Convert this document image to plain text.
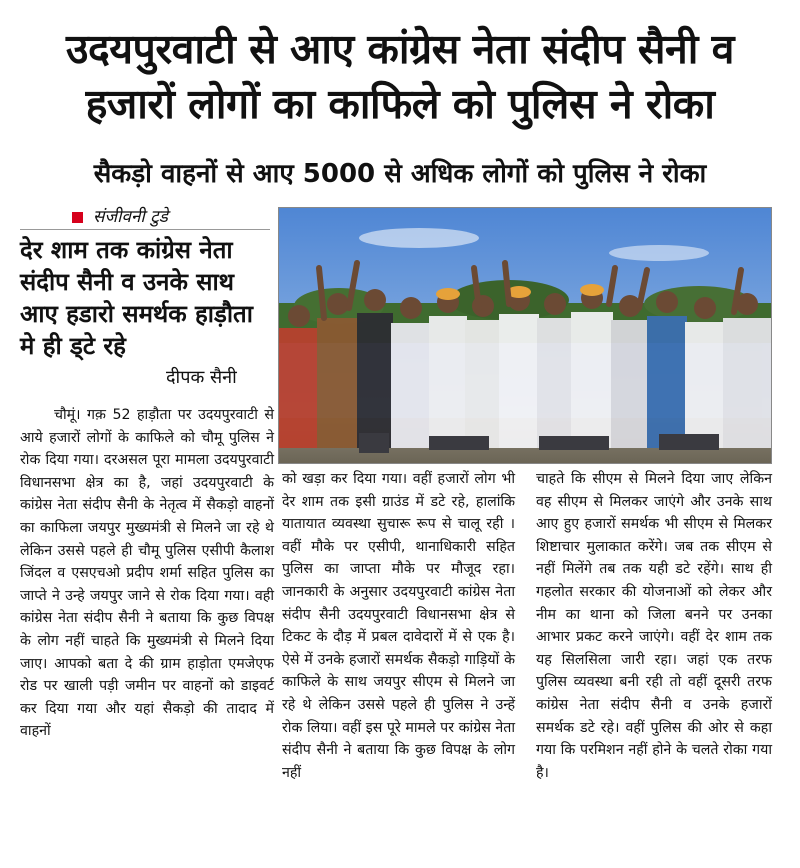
उदयपुरवाटी से आए कांग्रेस नेता संदीप सैनी व
हजारों लोगों का काफिले को पुलिस ने रोका
सैकड़ो वाहनों से आए 5000 से अधिक लोगों को पुलिस ने रोका
संजीवनी टुडे
देर शाम तक कांग्रेस नेता संदीप सैनी व उनके साथ आए हडारो समर्थक हाड़ौता मे ही ड्टे रहे
दीपक सैनी
चौमूं। गक़ 52 हाड़ौता पर उदयपुरवाटी से आये हजारों लोगों के काफिले को चौमू पुलिस ने रोक दिया गया। दरअसल पूरा मामला उदयपुरवाटी विधानसभा क्षेत्र का है, जहां उदयपुरवाटी के कांग्रेस नेता संदीप सैनी के नेतृत्व में सैकड़ो वाहनों का काफिला जयपुर मुख्यमंत्री से मिलने जा रहे थे लेकिन उससे पहले ही चौमू पुलिस एसीपी कैलाश जिंदल व एसएचओ प्रदीप शर्मा सहित पुलिस का जाप्ते ने उन्हे जयपुर जाने से रोक दिया गया। वही कांग्रेस नेता संदीप सैनी ने बताया कि कुछ विपक्ष के लोग नहीं चाहते कि मुख्यमंत्री से मिलने दिया जाए। आपको बता दे की ग्राम हाड़ोता एमजेएफ रोड पर खाली पड़ी जमीन पर वाहनों को डाइवर्ट कर दिया गया और यहां सैकड़ो की तादाद में वाहनों
को खड़ा कर दिया गया। वहीं हजारों लोग भी देर शाम तक इसी ग्राउंड में डटे रहे, हालांकि यातायात व्यवस्था सुचारू रूप से चालू रही । वहीं मौके पर एसीपी, थानाधिकारी सहित पुलिस का जाप्ता मौके पर मौजूद रहा। जानकारी के अनुसार उदयपुरवाटी कांग्रेस नेता संदीप सैनी उदयपुरवाटी विधानसभा क्षेत्र से टिकट के दौड़ में प्रबल दावेदारों में से एक है। ऐसे में उनके हजारों समर्थक सैकड़ो गाड़ियों के काफिले के साथ जयपुर सीएम से मिलने जा रहे थे लेकिन उससे पहले ही पुलिस ने उन्हें रोक लिया। वहीं इस पूरे मामले पर कांग्रेस नेता संदीप सैनी ने बताया कि कुछ विपक्ष के लोग नहीं
चाहते कि सीएम से मिलने दिया जाए लेकिन वह सीएम से मिलकर जाएंगे और उनके साथ आए हुए हजारों समर्थक भी सीएम से मिलकर शिष्टाचार मुलाकात करेंगे। जब तक सीएम से नहीं मिलेंगे तब तक यही डटे रहेंगे। साथ ही गहलोत सरकार की योजनाओं को लेकर और नीम का थाना को जिला बनने पर उनका आभार प्रकट करने जाएंगे। वहीं देर शाम तक यह सिलसिला जारी रहा। जहां एक तरफ पुलिस व्यवस्था बनी रही तो वहीं दूसरी तरफ कांग्रेस नेता संदीप सैनी व उनके हजारों समर्थक डटे रहे। वहीं पुलिस की ओर से कहा गया कि परमिशन नहीं होने के चलते रोका गया है।
